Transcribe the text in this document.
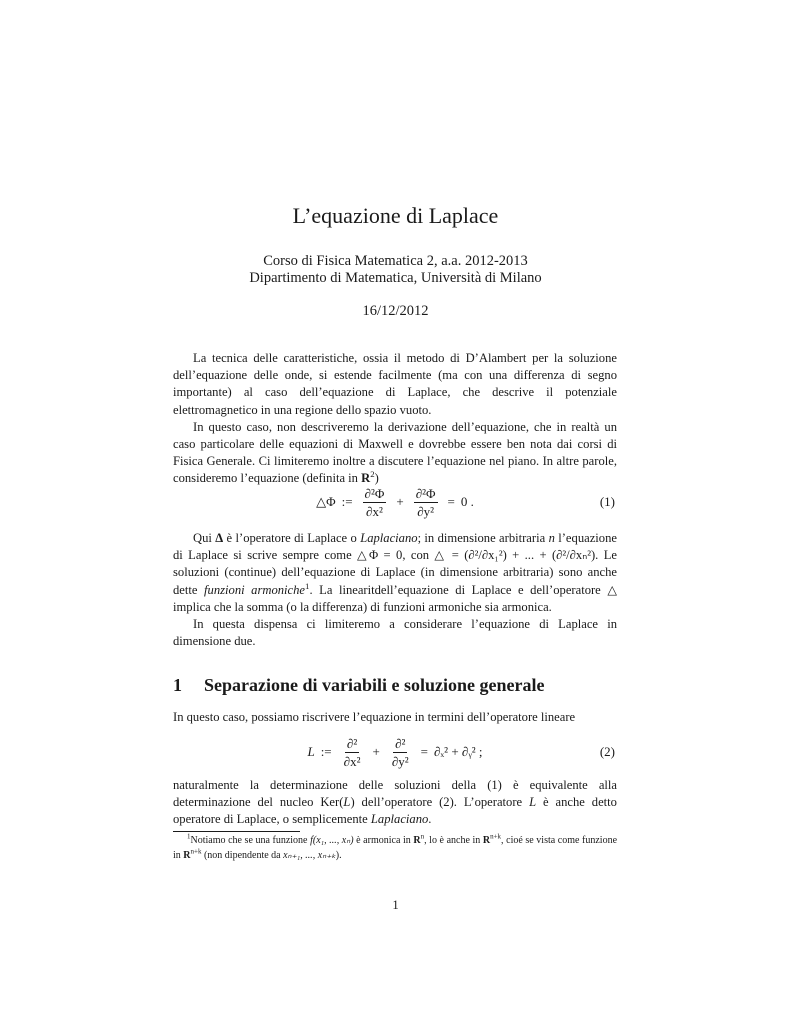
L’equazione di Laplace
Corso di Fisica Matematica 2, a.a. 2012-2013
Dipartimento di Matematica, Università di Milano
16/12/2012

La tecnica delle caratteristiche, ossia il metodo di D’Alambert per la soluzione dell’equazione delle onde, si estende facilmente (ma con una differenza di segno importante) al caso dell’equazione di Laplace, che descrive il potenziale elettromagnetico in una regione dello spazio vuoto.

In questo caso, non descriveremo la derivazione dell’equazione, che in realtà un caso particolare delle equazioni di Maxwell e dovrebbe essere ben nota dai corsi di Fisica Generale. Ci limiteremo inoltre a discutere l’equazione nel piano. In altre parole, consideremo l’equazione (definita in $R^2$)

△Φ := $\frac{\text{∂²Φ}}{\text{∂x²}} + \frac{\text{∂²Φ}}{\text{∂y²}} = 0$ .	(1)

Qui Δ è l’operatore di Laplace o Laplaciano; in dimensione arbitraria n l’equazione di Laplace si scrive sempre come △Φ = 0, con △ = (∂²/∂x₁²) + ... + (∂²/∂xₙ²). Le soluzioni (continue) dell’equazione di Laplace (in dimensione arbitraria) sono anche dette funzioni armoniche$^1$. La linearitdell’equazione di Laplace e dell’operatore △ implica che la somma (o la differenza) di funzioni armoniche sia armonica.

In questa dispensa ci limiteremo a considerare l’equazione di Laplace in dimensione due.

1 Separazione di variabili e soluzione generale

In questo caso, possiamo riscrivere l’equazione in termini dell’operatore lineare

L := $\frac{\text{∂²}}{\text{∂x²}} + \frac{\text{∂²}}{\text{∂y²}} = \partial_x^2$ + ∂ᵧ² ;	(2)

naturalmente la determinazione delle soluzioni della (1) è equivalente alla determinazione del nucleo Ker(L) dell’operatore (2). L’operatore L è anche detto operatore di Laplace, o semplicemente Laplaciano.

$^1$Notiamo che se una funzione f(x₁, ..., xₙ) è armonica in $R^n$, lo è anche in $R^{n+k}$, cioé se vista come funzione in $R^{n+k}$ (non dipendente da xₙ₊₁, ..., xₙ₊ₖ).
1
